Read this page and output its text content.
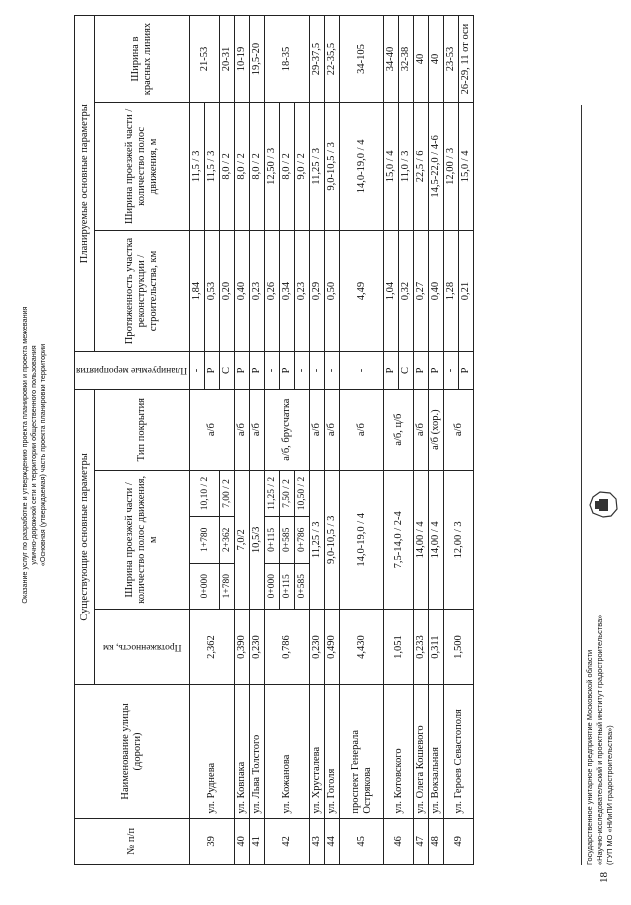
Оказание услуг по разработке и утверждению проекта планировки и проекта межевания улично-дорожной сети и территории общественного пользования «Основная (утверждаемая) часть проекта планировки территории
№ п/п	Наименование улицы (дороги)	Существующие основные параметры					Планируемые мероприятия	Планируемые основные параметры		

		Протяженность, км	Ширина проезжей части / количество полос движения, м			Тип покрытия		Протяженность участка реконструкции / строительства, км	Ширина проезжей части / количество полос движения, м	Ширина в красных линиях
39	ул. Руднева	2,362	0+000	1+780	10,10 / 2	а/б	-	1,84	11,5 / 3	21-53
							Р	0,53	11,5 / 3	
			1+780	2+362	7,00 / 2		С	0,20	8,0 / 2	20-31
40	ул. Ковпака	0,390	7,0/2			а/б	Р	0,40	8,0 / 2	10-19
41	ул. Льва Толстого	0,230	10,5/3			а/б	Р	0,23	8,0 / 2	19,5-20
42	ул. Кожанова	0,786	0+000	0+115	11,25 / 2	а/б, брусчатка	-	0,26	12,50 / 3	18-35
			0+115	0+585	7,50 / 2		Р	0,34	8,0 / 2	
			0+585	0+786	10,50 / 2		-	0,23	9,0 / 2	
43	ул. Хрусталева	0,230	11,25 / 3			а/б	-	0,29	11,25 / 3	29-37,5
44	ул. Гоголя	0,490	9,0-10,5 / 3			а/б	-	0,50	9,0-10,5 / 3	22-35,5
45	проспект Генерала Острякова	4,430	14,0-19,0 / 4			а/б	-	4,49	14,0-19,0 / 4	34-105
46	ул. Котовского	1,051	7,5-14,0 / 2-4			а/б, ц/б	Р	1,04	15,0 / 4	34-40
							С	0,32	11,0 / 3	32-38
47	ул. Олега Кошевого	0,233	14,00 / 4			а/б	Р	0,27	22,5 / 6	40
48	ул. Вокзальная	0,311	14,00 / 4			а/б (хор.)	Р	0,40	14,5-22,0 / 4-6	40
49	ул. Героев Севастополя	1,500	12,00 / 3			а/б	-	1,28	12,00 / 3	23-53
							Р	0,21	15,0 / 4	26-29, 11 от оси
Государственное унитарное предприятие Московской области «Научно-исследовательский и проектный институт градостроительства» (ГУП МО «НИиПИ градостроительства»)
18
